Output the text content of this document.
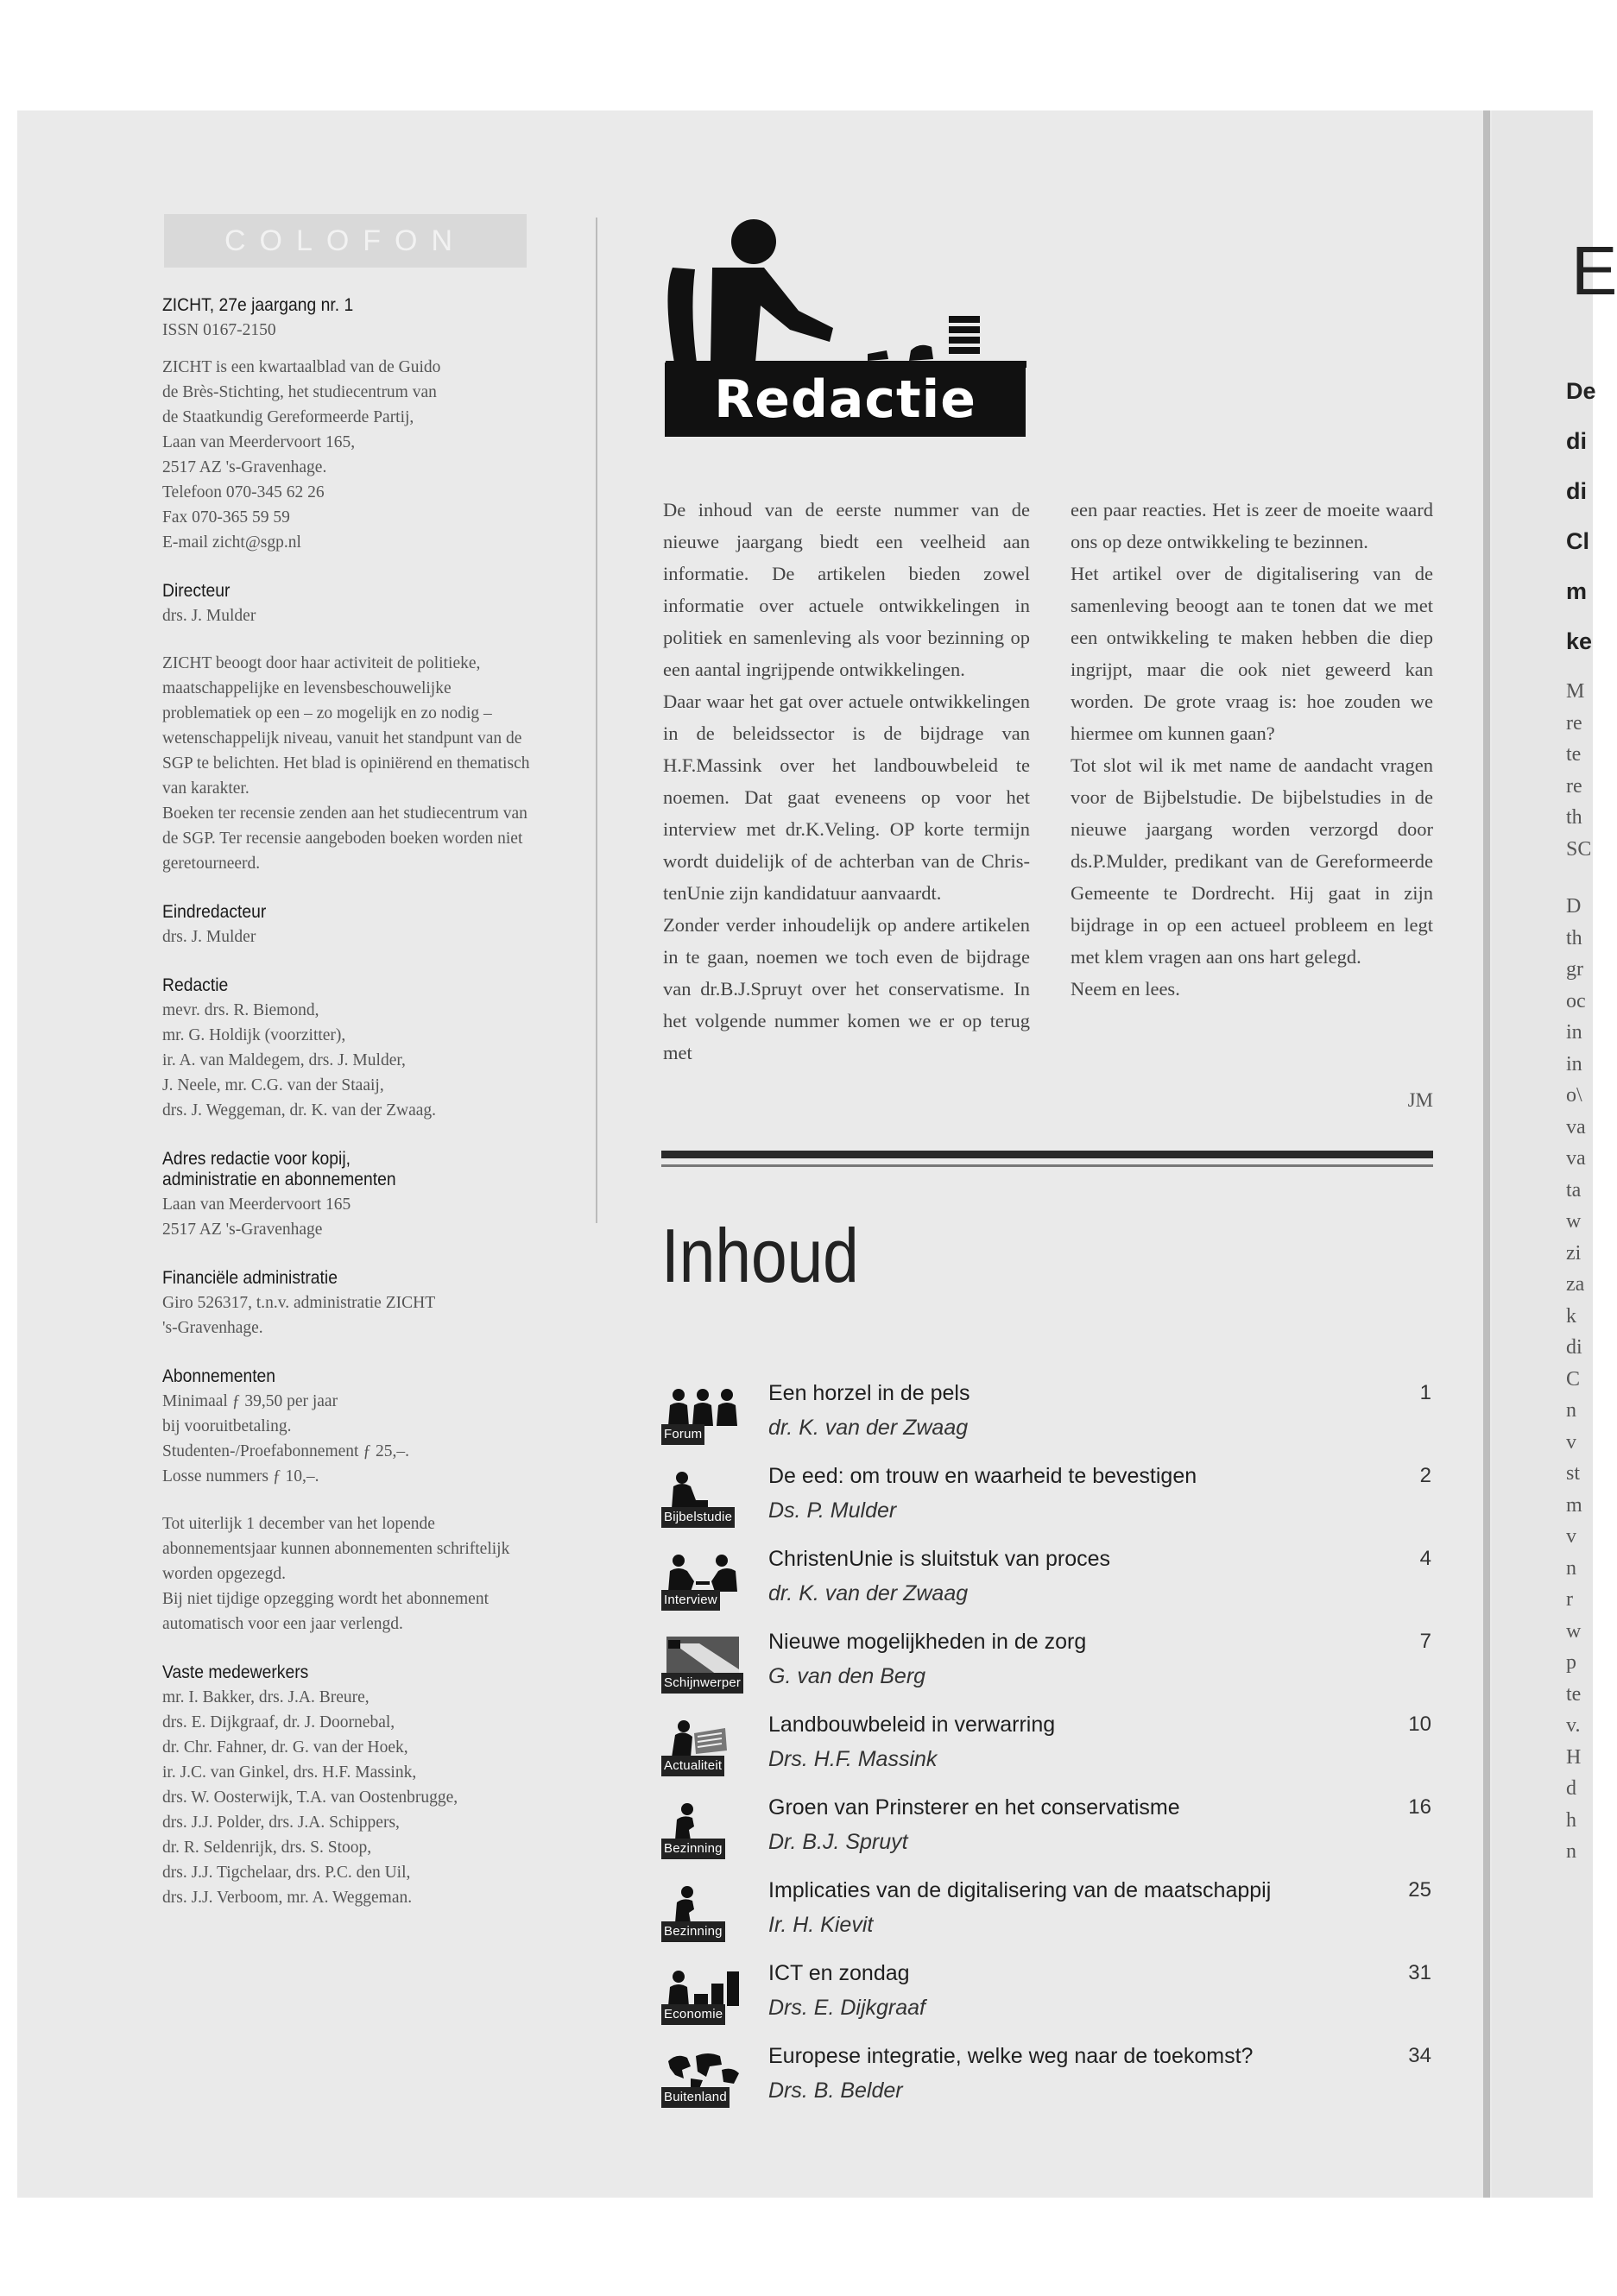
E
De
di
di
Cl
m
ke
M
re
te
re
th
SC
D
th
gr
oc
in
in
o\
va
va
ta
w
zi
za
k
di
C
n
v
st
m
v
n
r
w
p
te
v.
H
d
h
n
COLOFON
ZICHT, 27e jaargang nr. 1
ISSN 0167-2150
ZICHT is een kwartaalblad van de Guido
de Brès-Stichting, het studiecentrum van
de Staatkundig Gereformeerde Partij,
Laan van Meerdervoort 165,
2517 AZ 's-Gravenhage.
Telefoon 070-345 62 26
Fax 070-365 59 59
E-mail zicht@sgp.nl
Directeur
drs. J. Mulder
ZICHT beoogt door haar activiteit de politieke, maatschappelijke en levensbeschouwelijke problematiek op een – zo mogelijk en zo nodig – wetenschappelijk niveau, vanuit het standpunt van de SGP te belichten. Het blad is opiniërend en thematisch van karakter.
Boeken ter recensie zenden aan het studiecentrum van de SGP. Ter recensie aangeboden boeken worden niet geretourneerd.
Eindredacteur
drs. J. Mulder
Redactie
mevr. drs. R. Biemond,
mr. G. Holdijk (voorzitter),
ir. A. van Maldegem, drs. J. Mulder,
J. Neele, mr. C.G. van der Staaij,
drs. J. Weggeman, dr. K. van der Zwaag.
Adres redactie voor kopij,
administratie en abonnementen
Laan van Meerdervoort 165
2517 AZ 's-Gravenhage
Financiële administratie
Giro 526317, t.n.v. administratie ZICHT
's-Gravenhage.
Abonnementen
Minimaal ƒ 39,50 per jaar
bij vooruitbetaling.
Studenten-/Proefabonnement ƒ 25,–.
Losse nummers ƒ 10,–.
Tot uiterlijk 1 december van het lopende abonnementsjaar kunnen abonnementen schriftelijk worden opgezegd.
Bij niet tijdige opzegging wordt het abonnement automatisch voor een jaar verlengd.
Vaste medewerkers
mr. I. Bakker, drs. J.A. Breure,
drs. E. Dijkgraaf, dr. J. Doornebal,
dr. Chr. Fahner, dr. G. van der Hoek,
ir. J.C. van Ginkel, drs. H.F. Massink,
drs. W. Oosterwijk, T.A. van Oostenbrugge,
drs. J.J. Polder, drs. J.A. Schippers,
dr. R. Seldenrijk, drs. S. Stoop,
drs. J.J. Tigchelaar, drs. P.C. den Uil,
drs. J.J. Verboom, mr. A. Weggeman.
Redactie

De inhoud van de eerste nummer van de nieuwe jaargang biedt een veelheid aan informatie. De artikelen bieden zowel informatie over actuele ontwikkelingen in politiek en samenleving als voor bezinning op een aantal ingrijpende ontwikkelingen.

Daar waar het gat over actuele ontwikkelingen in de beleidssector is de bijdrage van H.F.Massink over het landbouwbeleid te noemen. Dat gaat eveneens op voor het interview met dr.K.Veling. OP korte termijn wordt duidelijk of de achterban van de ChristenUnie zijn kandidatuur aanvaardt.

Zonder verder inhoudelijk op andere artikelen in te gaan, noemen we toch even de bijdrage van dr.B.J.Spruyt over het conservatisme. In het volgende nummer komen we er op terug met

een paar reacties. Het is zeer de moeite waard ons op deze ontwikkeling te bezinnen.

Het artikel over de digitalisering van de samenleving beoogt aan te tonen dat we met een ontwikkeling te maken hebben die diep ingrijpt, maar die ook niet geweerd kan worden. De grote vraag is: hoe zouden we hiermee om kunnen gaan?

Tot slot wil ik met name de aandacht vragen voor de Bijbelstudie. De bijbelstudies in de nieuwe jaargang worden verzorgd door ds.P.Mulder, predikant van de Gereformeerde Gemeente te Dordrecht. Hij gaat in zijn bijdrage in op een actueel probleem en legt met klem vragen aan ons hart gelegd.

Neem en lees.

JM
Inhoud
Forum
Een horzel in de pels
dr. K. van der Zwaag
1
Bijbelstudie
De eed: om trouw en waarheid te bevestigen
Ds. P. Mulder
2
Interview
ChristenUnie is sluitstuk van proces
dr. K. van der Zwaag
4
Schijnwerper
Nieuwe mogelijkheden in de zorg
G. van den Berg
7
Actualiteit
Landbouwbeleid in verwarring
Drs. H.F. Massink
10
Bezinning
Groen van Prinsterer en het conservatisme
Dr. B.J. Spruyt
16
Bezinning
Implicaties van de digitalisering van de maatschappij
Ir. H. Kievit
25
Economie
ICT en zondag
Drs. E. Dijkgraaf
31
Buitenland
Europese integratie, welke weg naar de toekomst?
Drs. B. Belder
34
